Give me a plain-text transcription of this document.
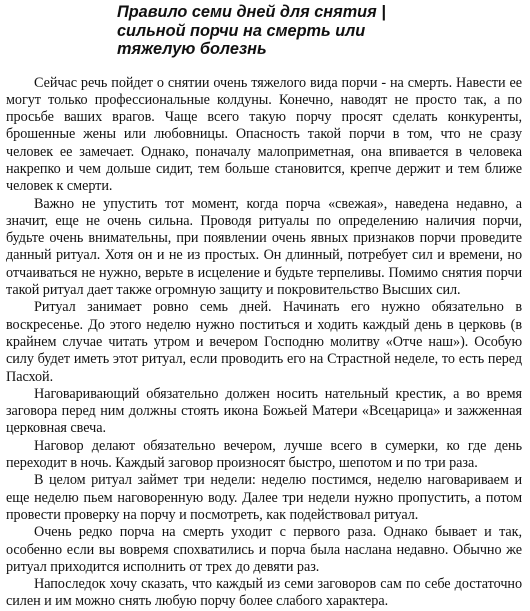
Правило семи дней для снятия |
сильной порчи на смерть или
тяжелую болезнь

Сейчас речь пойдет о снятии очень тяжелого вида порчи - на смерть. Навести ее могут только профессиональные колдуны. Конечно, наводят не просто так, а по просьбе ваших врагов. Чаще всего такую порчу просят сделать конкуренты, брошенные жены или любовницы. Опасность такой порчи в том, что не сразу человек ее замечает. Однако, поначалу малоприметная, она впивается в человека накрепко и чем дольше сидит, тем больше становится, крепче держит и тем ближе человек к смерти.

Важно не упустить тот момент, когда порча «свежая», наведена недавно, а значит, еще не очень сильна. Проводя ритуалы по определению наличия порчи, будьте очень внимательны, при появлении очень явных признаков порчи проведите данный ритуал. Хотя он и не из простых. Он длинный, потребует сил и времени, но отчаиваться не нужно, верьте в исцеление и будьте терпеливы. Помимо снятия порчи такой ритуал дает также огромную защиту и покровительство Высших сил.

Ритуал занимает ровно семь дней. Начинать его нужно обязательно в воскресенье. До этого неделю нужно поститься и ходить каждый день в церковь (в крайнем случае читать утром и вечером Господню молитву «Отче наш»). Особую силу будет иметь этот ритуал, если проводить его на Страстной неделе, то есть перед Пасхой.

Наговаривающий обязательно должен носить нательный крестик, а во время заговора перед ним должны стоять икона Божьей Матери «Всецарица» и зажженная церковная свеча.

Наговор делают обязательно вечером, лучше всего в сумерки, ко где день переходит в ночь. Каждый заговор произносят быстро, шепотом и по три раза.

В целом ритуал займет три недели: неделю постимся, неделю наговариваем и еще неделю пьем наговоренную воду. Далее три недели нужно пропустить, а потом провести проверку на порчу и посмотреть, как подействовал ритуал.

Очень редко порча на смерть уходит с первого раза. Однако бывает и так, особенно если вы вовремя спохватились и порча была наслана недавно. Обычно же ритуал приходится исполнить от трех до девяти раз.

Напоследок хочу сказать, что каждый из семи заговоров сам по себе достаточно силен и им можно снять любую порчу более слабого характера.
